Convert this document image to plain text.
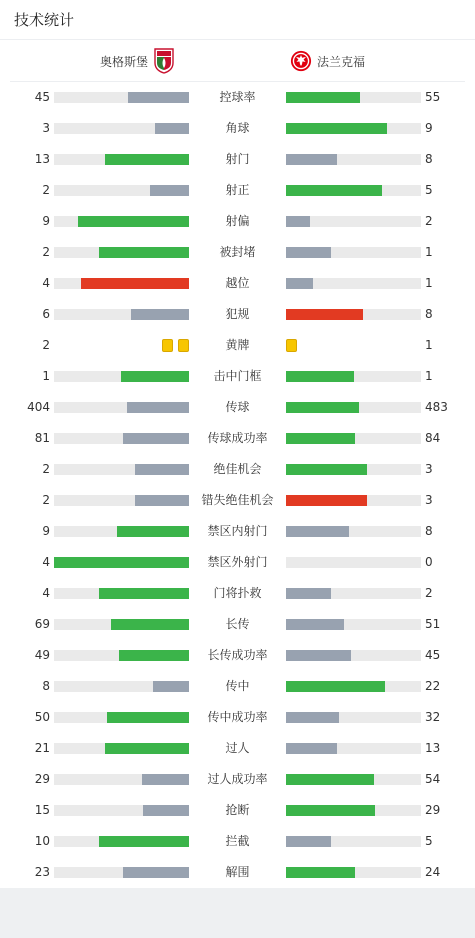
技术统计
奥格斯堡	法兰克福
45	控球率	55
3	角球	9
13	射门	8
2	射正	5
9	射偏	2
2	被封堵	1
4	越位	1
6	犯规	8
2	黄牌	1
1	击中门框	1
404	传球	483
81	传球成功率	84
2	绝佳机会	3
2	错失绝佳机会	3
9	禁区内射门	8
4	禁区外射门	0
4	门将扑救	2
69	长传	51
49	长传成功率	45
8	传中	22
50	传中成功率	32
21	过人	13
29	过人成功率	54
15	抢断	29
10	拦截	5
23	解围	24
